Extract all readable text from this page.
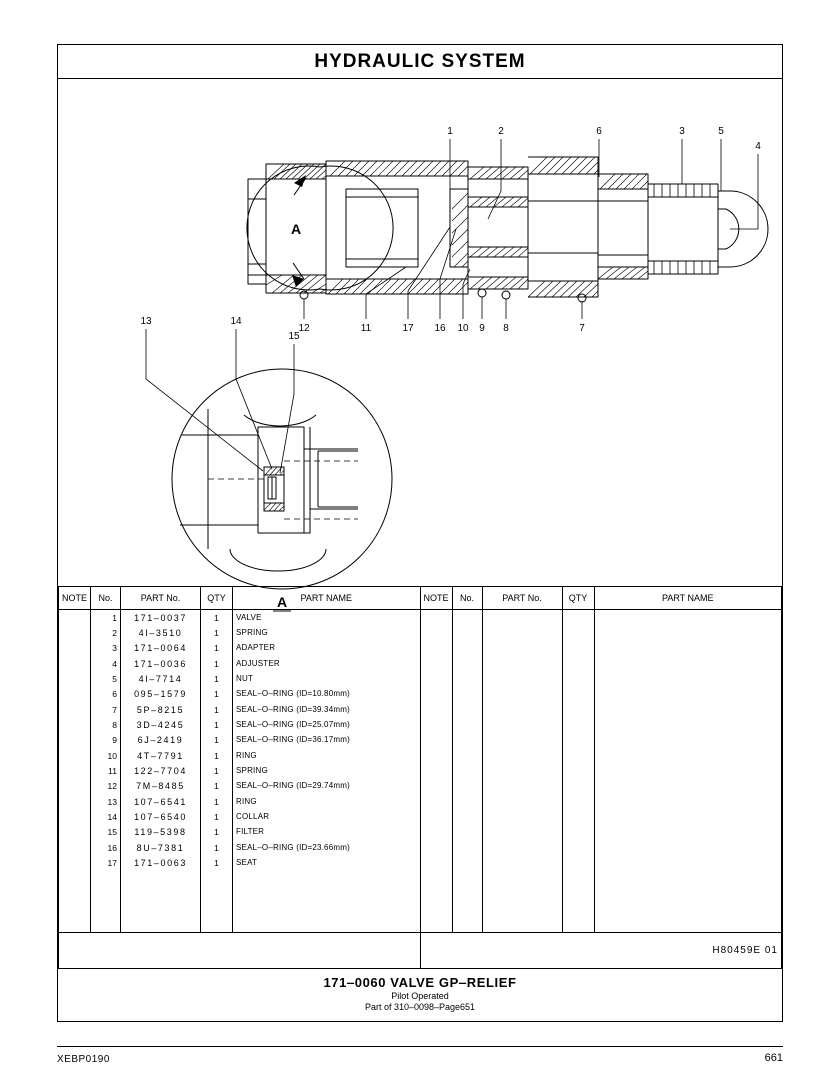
HYDRAULIC SYSTEM
1	2	3
4
5
6
7
8
9
10
11
12
13	14
15
16
17
A
A
NOTE	No.	PART No.	QTY	PART NAME	NOTE	No.	PART No.	QTY	PART NAME
	1	171‒0037	1	VALVE					
	2	4I‒3510	1	SPRING					
	3	171‒0064	1	ADAPTER					
	4	171‒0036	1	ADJUSTER					
	5	4I‒7714	1	NUT					
	6	095‒1579	1	SEAL‒O‒RING (ID=10.80mm)					
	7	5P‒8215	1	SEAL‒O‒RING (ID=39.34mm)					
	8	3D‒4245	1	SEAL‒O‒RING (ID=25.07mm)					
	9	6J‒2419	1	SEAL‒O‒RING (ID=36.17mm)					
	10	4T‒7791	1	RING					
	11	122‒7704	1	SPRING					
	12	7M‒8485	1	SEAL‒O‒RING (ID=29.74mm)					
	13	107‒6541	1	RING					
	14	107‒6540	1	COLLAR					
	15	119‒5398	1	FILTER					
	16	8U‒7381	1	SEAL‒O‒RING (ID=23.66mm)					
	17	171‒0063	1	SEAT					

					H80459E 01				
171‒0060 VALVE GP‒RELIEF
Pilot Operated
Part of 310‒0098‒Page651
XEBP0190	661
